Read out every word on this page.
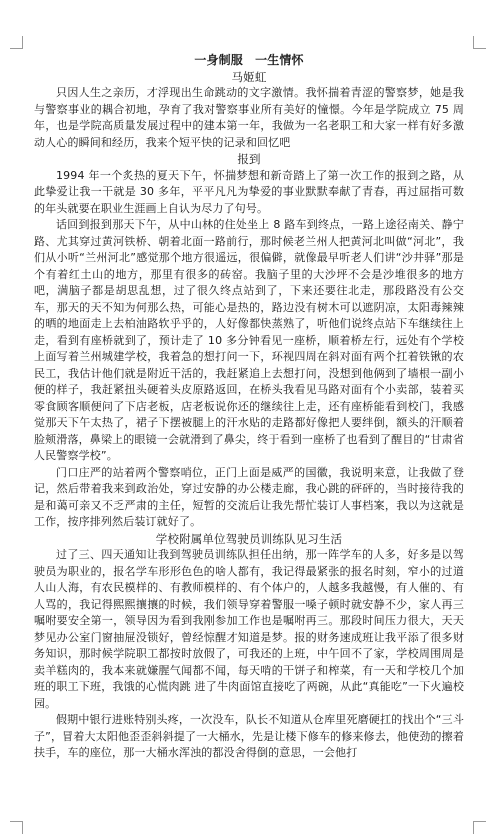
一身制服　一生情怀

马姬虹

只因人生之亲历，才浮现出生命跳动的文字激情。我怀揣着青涩的警察梦，她是我与警察事业的耦合初地，孕育了我对警察事业所有美好的憧憬。今年是学院成立 75 周年，也是学院高质量发展过程中的建本第一年，我做为一名老职工和大家一样有好多激动人心的瞬间和经历，我来个短平快的记录和回忆吧

报到

1994 年一个炙热的夏天下午，怀揣梦想和新奇踏上了第一次工作的报到之路，从此挚爱让我一干就是 30 多年，平平凡凡为挚爱的事业默默奉献了青春，再过屈指可数的年头就要在职业生涯画上自认为尽力了句号。

话回到报到那天下午，从中山林的住处坐上 8 路车到终点，一路上途径南关、静宁路、尤其穿过黄河铁桥、朝着北面一路前行，那时候老兰州人把黄河北叫做“河北”，我们从小听“兰州河北”感觉那个地方很遥远，很偏僻，就像最早听老人们讲“沙井驿”那是个有着红土山的地方，那里有很多的砖窑。我脑子里的大沙坪不会是沙堆很多的地方吧，满脑子都是胡思乱想，过了很久终点站到了，下来还要往北走，那段路没有公交车，那天的天不知为何那么热，可能心是热的，路边没有树木可以遮阴凉，太阳毒辣辣的晒的地面走上去柏油路软乎乎的，人好像都快蒸熟了，听他们说终点站下车继续往上走，看到有座桥就到了，预计走了 10 多分钟看见一座桥，顺着桥左行，远处有个学校上面写着兰州城建学校，我着急的想打问一下，环视四周在斜对面有两个扛着铁锹的农民工，我估计他们就是附近干活的，我赶紧追上去想打问，没想到他俩到了墙根一副小便的样子，我赶紧扭头硬着头皮原路返回，在桥头我看见马路对面有个小卖部，装着买零食顾客顺便问了下店老板，店老板说你还的继续往上走，还有座桥能看到校门，我感觉那天下午太热了，裙子下摆被腿上的汗水贴的走路都好像把人要绊倒，额头的汗顺着脸颊滑落，鼻梁上的眼镜一会就滑到了鼻尖，终于看到一座桥了也看到了醒目的“甘肃省人民警察学校”。

门口庄严的站着两个警察哨位，正门上面是威严的国徽，我说明来意，让我做了登记，然后带着我来到政治处，穿过安静的办公楼走廊，我心跳的砰砰的，当时接待我的是和蔼可亲又不乏严肃的主任，短暂的交流后让我先帮忙装订人事档案，我以为这就是工作，按序排列然后装订就好了。

学校附属单位驾驶员训练队见习生活

过了三、四天通知让我到驾驶员训练队担任出纳，那一阵学车的人多，好多是以驾驶员为职业的，报名学车形形色色的啥人都有，我记得最紧张的报名时刻，窄小的过道人山人海，有农民模样的、有教师模样的、有个体户的，人越多我越慢，有人催的、有人骂的，我记得熙熙攘攘的时候，我们领导穿着警服一嗓子顿时就安静不少，家人再三嘱咐要安全第一，领导因为看到我刚参加工作也是嘱咐再三。那段时间压力很大，天天梦见办公室门窗抽屉没锁好，曾经惊醒才知道是梦。报的财务速成班让我平添了很多财务知识，那时候学院职工都按时放假了，可我还的上班，中午回不了家，学校周围周是卖羊糕肉的，我本来就嫌腥气闻都不闻，每天啃的干饼子和榨菜，有一天和学校几个加班的职工下班，我饿的心慌肉跳 进了牛肉面馆直接吃了两碗，从此“真能吃”一下火遍校园。

假期中银行进账特别头疼，一次没车，队长不知道从仓库里死磨硬扛的找出个“三斗子”，冒着大太阳他歪歪斜斜提了一大桶水，先是让楼下修车的修来修去，他使劲的擦着扶手，车的座位，那一大桶水浑浊的都没舍得倒的意思，一会他打
